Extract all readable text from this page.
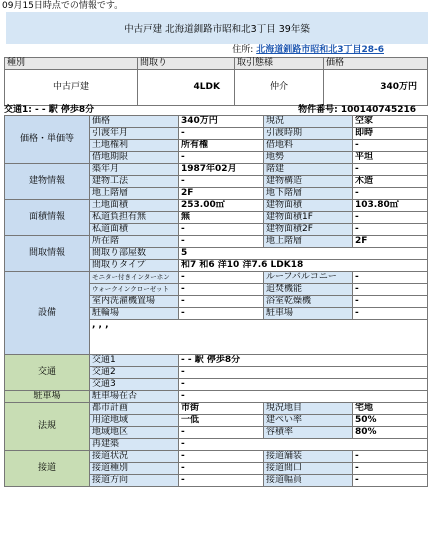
09月15日時点での情報です。
中古戸建 北海道釧路市昭和北3丁目 39年築
住所: 北海道釧路市昭和北3丁目28-6
種別	間取り	取引態様	価格
中古戸建	4LDK	仲介	340万円
交通1: - - 駅 停歩8分	物件番号: 100140745216
価格・単価等	価格	340万円	現況	空家
	引渡年月	-	引渡時期	即時
	土地権利	所有権	借地料	-
	借地期限	-	地勢	平坦
建物情報	築年月	1987年02月	階建	-
	建物工法	-	建物構造	木造
	地上階層	2F	地下階層	-
面積情報	土地面積	253.00㎡	建物面積	103.80㎡
	私道負担有無	無	建物面積1F	-
	私道面積	-	建物面積2F	-
間取情報	所在階	-	地上階層	2F
	間取り部屋数	5		
	間取りタイプ	和7 和6 洋10 洋7.6 LDK18		
設備	モニター付きインターホン	-	ルーフバルコニー	-
	ウォークインクローゼット	-	追焚機能	-
	室内洗濯機置場	-	浴室乾燥機	-
	駐輪場	-	駐車場	-
	, , ,			
交通	交通1	- - 駅 停歩8分		
	交通2	-		
	交通3	-		
駐車場	駐車場在否	-		
法規	都市計画	市街	現況地目	宅地
	用途地域	一低	建ぺい率	50%
	地域地区	-	容積率	80%
	再建築	-		
接道	接道状況	-	接道舗装	-
	接道種別	-	接道間口	-
	接道方向	-	接道幅員	-
